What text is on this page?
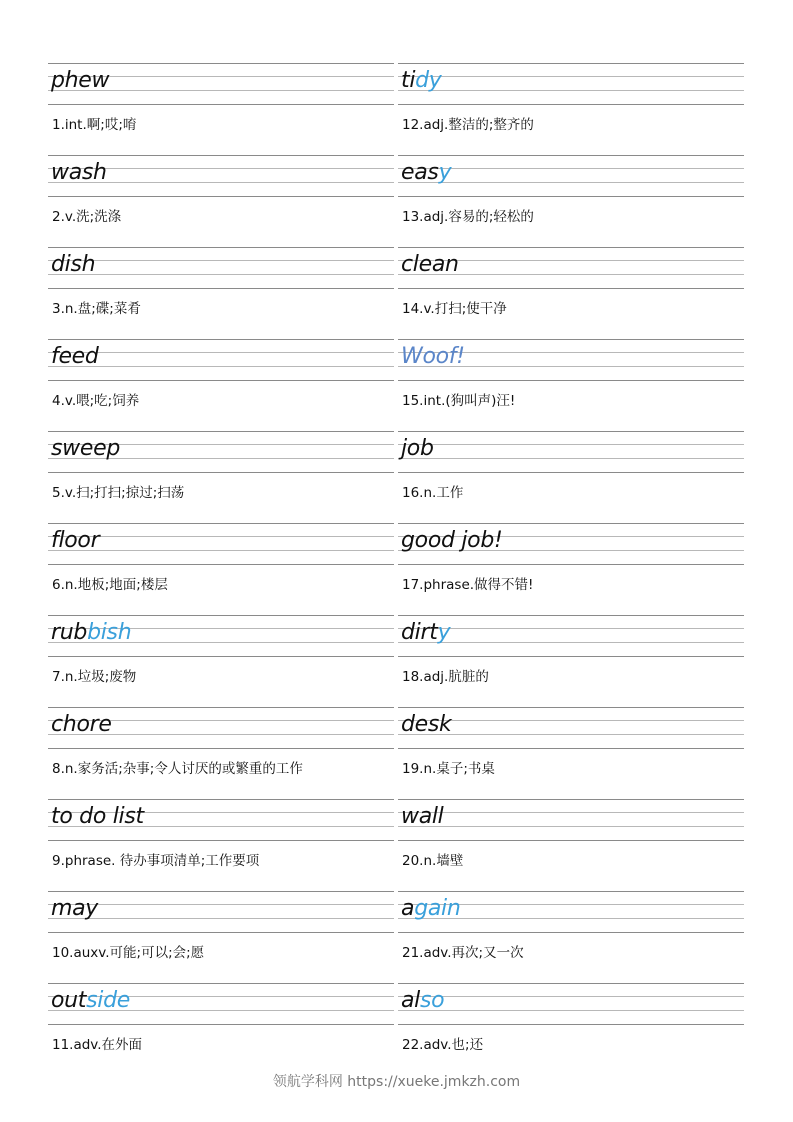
phew
1.int.啊;哎;唷
wash
2.v.洗;洗涤
dish
3.n.盘;碟;菜肴
feed
4.v.喂;吃;饲养
sweep
5.v.扫;打扫;掠过;扫荡
floor
6.n.地板;地面;楼层
rubbish
7.n.垃圾;废物
chore
8.n.家务活;杂事;令人讨厌的或繁重的工作
to do list
9.phrase. 待办事项清单;工作要项
may
10.auxv.可能;可以;会;愿
outside
11.adv.在外面
tidy
12.adj.整洁的;整齐的
easy
13.adj.容易的;轻松的
clean
14.v.打扫;使干净
Woof!
15.int.(狗叫声)汪!
job
16.n.工作
good job!
17.phrase.做得不错!
dirty
18.adj.肮脏的
desk
19.n.桌子;书桌
wall
20.n.墙壁
again
21.adv.再次;又一次
also
22.adv.也;还
领航学科网 https://xueke.jmkzh.com
